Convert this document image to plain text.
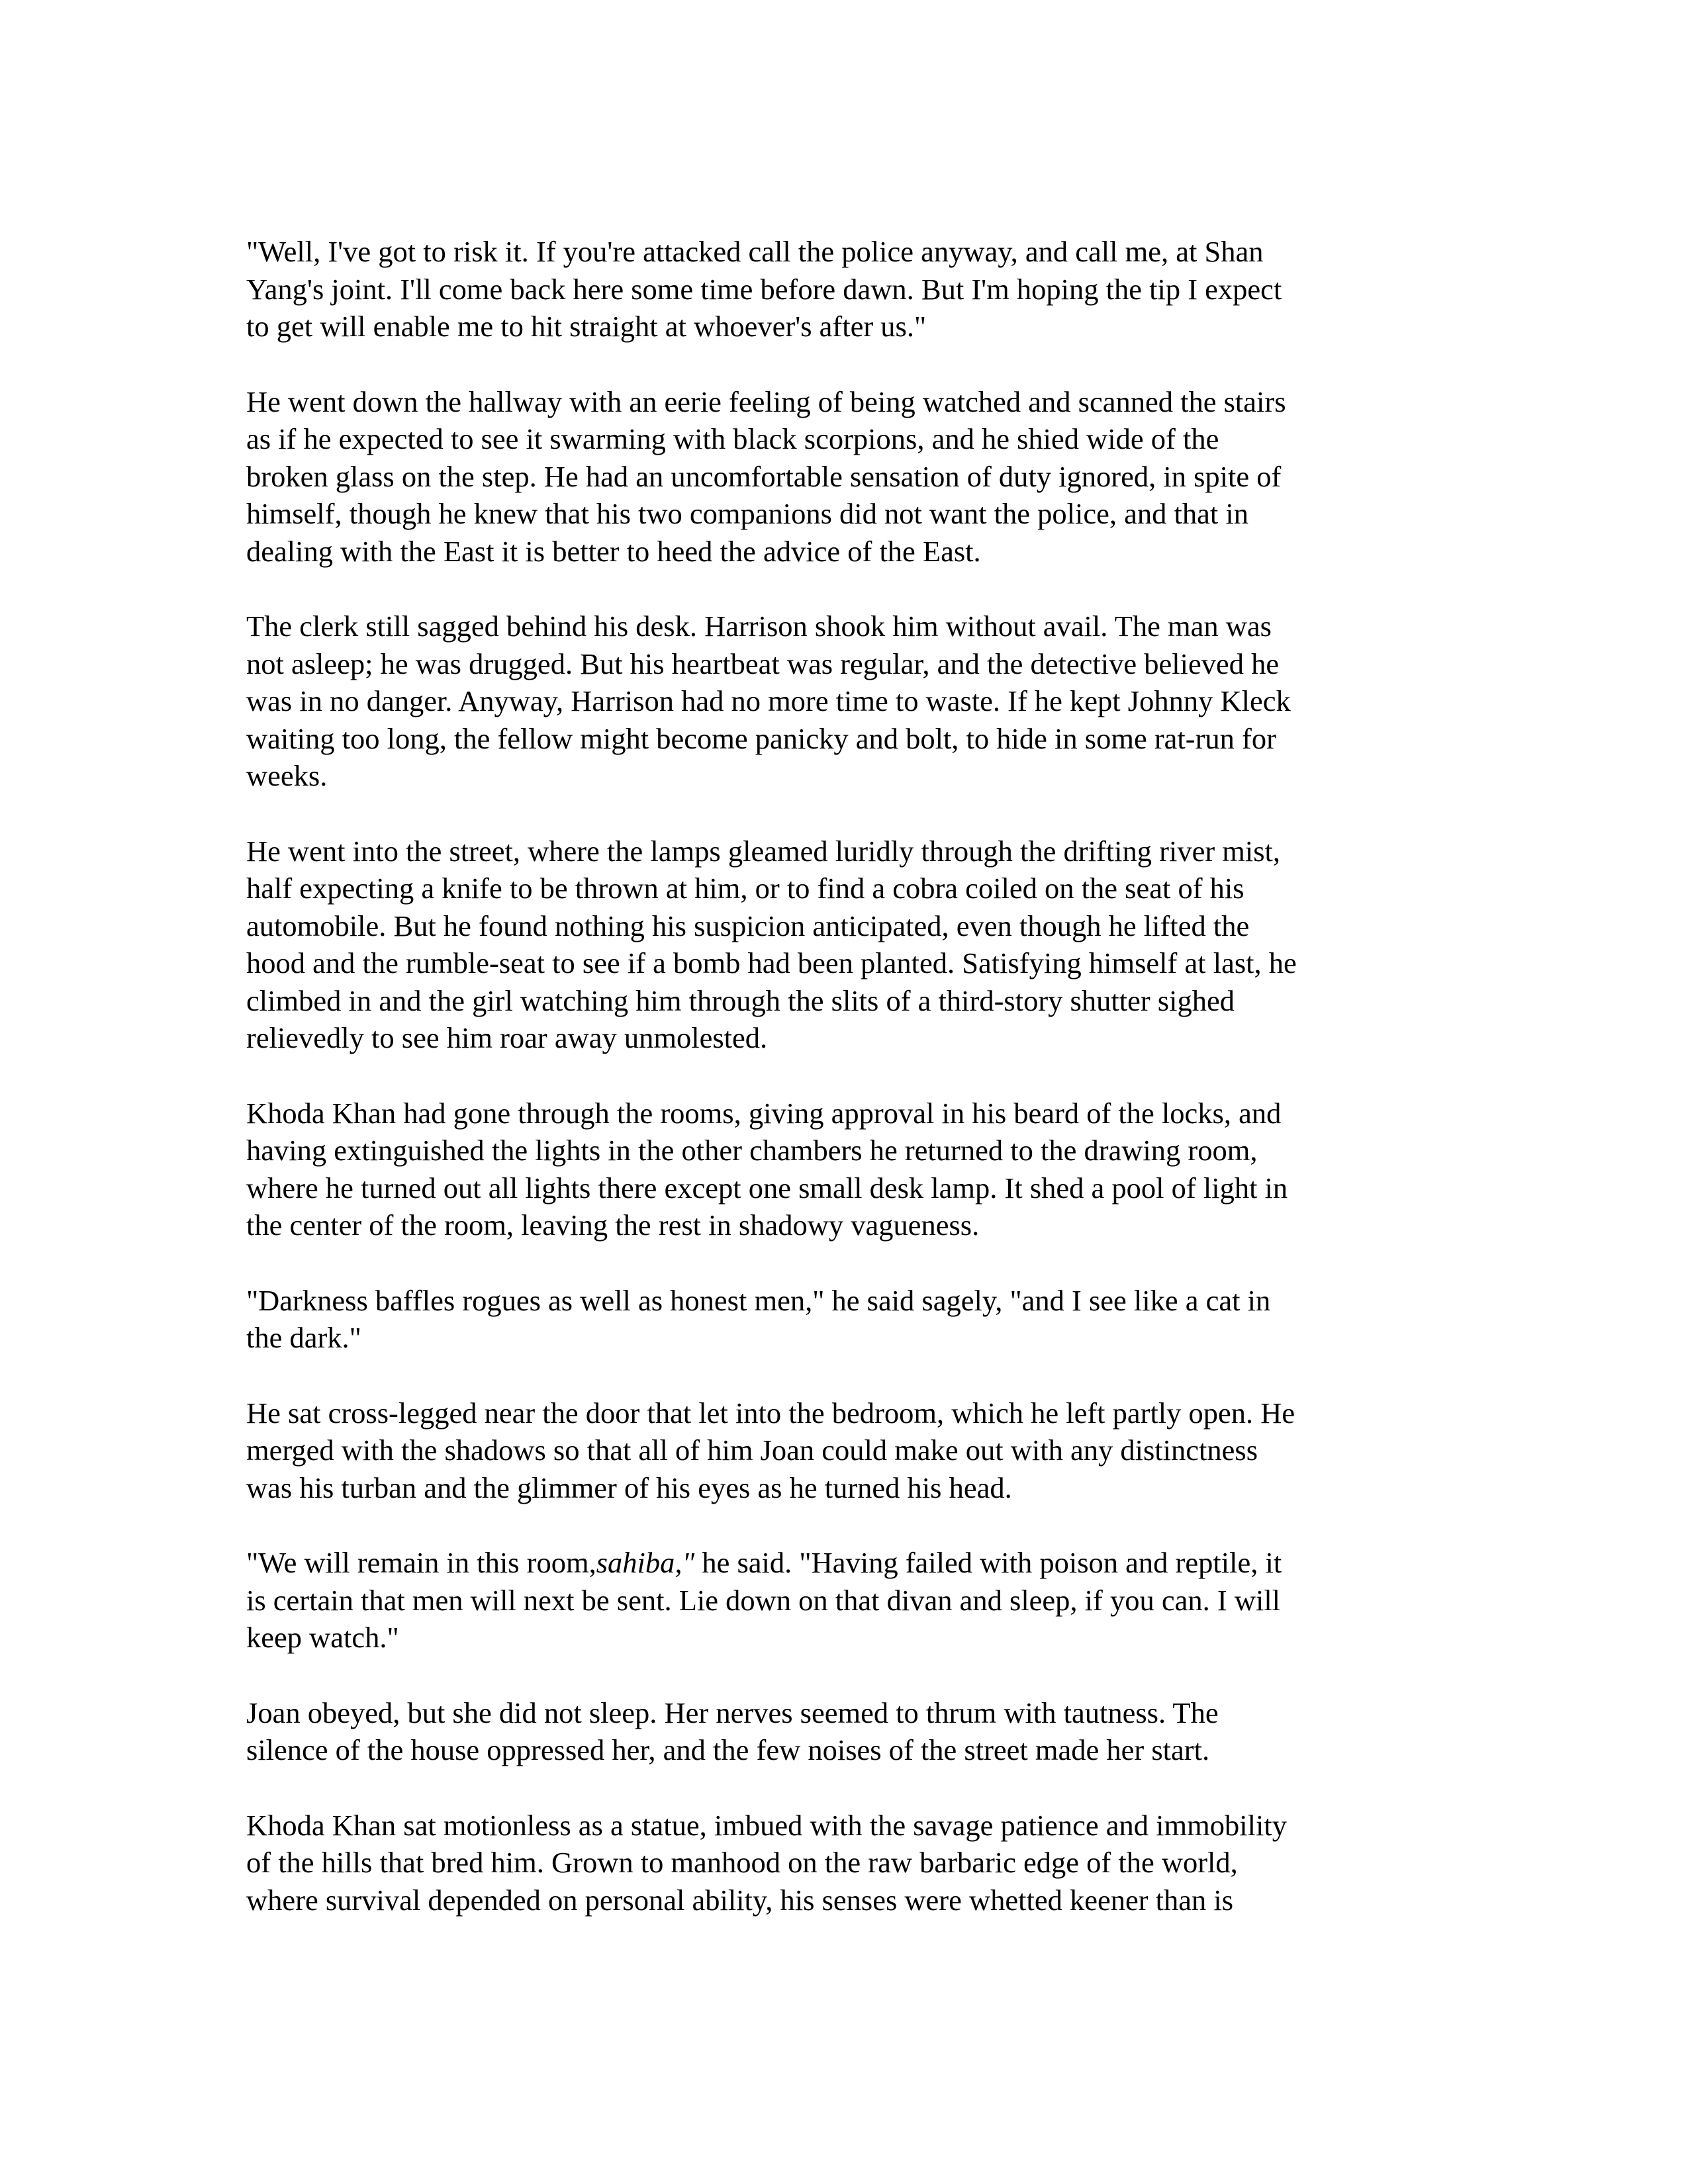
"Well, I've got to risk it. If you're attacked call the police anyway, and call me, at Shan
Yang's joint. I'll come back here some time before dawn. But I'm hoping the tip I expect
to get will enable me to hit straight at whoever's after us."

He went down the hallway with an eerie feeling of being watched and scanned the stairs
as if he expected to see it swarming with black scorpions, and he shied wide of the
broken glass on the step. He had an uncomfortable sensation of duty ignored, in spite of
himself, though he knew that his two companions did not want the police, and that in
dealing with the East it is better to heed the advice of the East.

The clerk still sagged behind his desk. Harrison shook him without avail. The man was
not asleep; he was drugged. But his heartbeat was regular, and the detective believed he
was in no danger. Anyway, Harrison had no more time to waste. If he kept Johnny Kleck
waiting too long, the fellow might become panicky and bolt, to hide in some rat-run for
weeks.

He went into the street, where the lamps gleamed luridly through the drifting river mist,
half expecting a knife to be thrown at him, or to find a cobra coiled on the seat of his
automobile. But he found nothing his suspicion anticipated, even though he lifted the
hood and the rumble-seat to see if a bomb had been planted. Satisfying himself at last, he
climbed in and the girl watching him through the slits of a third-story shutter sighed
relievedly to see him roar away unmolested.

Khoda Khan had gone through the rooms, giving approval in his beard of the locks, and
having extinguished the lights in the other chambers he returned to the drawing room,
where he turned out all lights there except one small desk lamp. It shed a pool of light in
the center of the room, leaving the rest in shadowy vagueness.

"Darkness baffles rogues as well as honest men," he said sagely, "and I see like a cat in
the dark."

He sat cross-legged near the door that let into the bedroom, which he left partly open. He
merged with the shadows so that all of him Joan could make out with any distinctness
was his turban and the glimmer of his eyes as he turned his head.

"We will remain in this room,sahiba," he said. "Having failed with poison and reptile, it
is certain that men will next be sent. Lie down on that divan and sleep, if you can. I will
keep watch."

Joan obeyed, but she did not sleep. Her nerves seemed to thrum with tautness. The
silence of the house oppressed her, and the few noises of the street made her start.

Khoda Khan sat motionless as a statue, imbued with the savage patience and immobility
of the hills that bred him. Grown to manhood on the raw barbaric edge of the world,
where survival depended on personal ability, his senses were whetted keener than is
